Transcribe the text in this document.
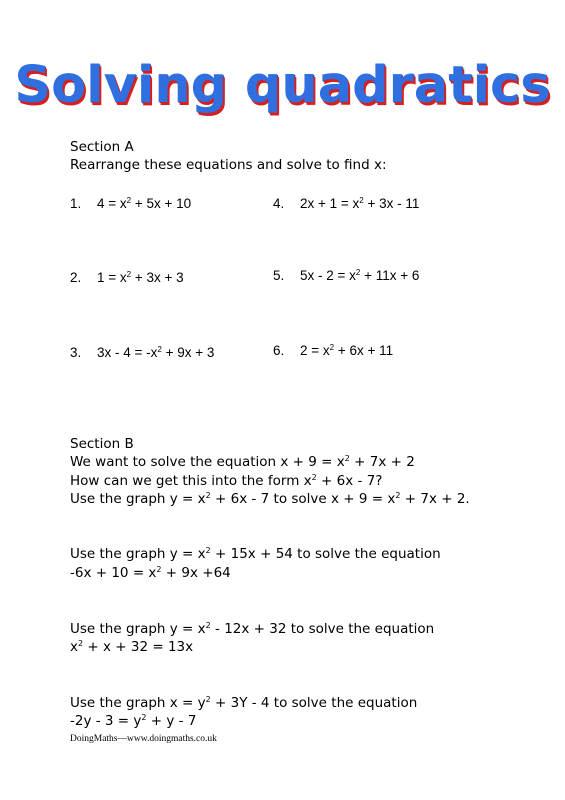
Solving quadratics
Section A
Rearrange these equations and solve to find x:
1. $4 = x^2 + 5x + 10$
2. $1 = x^2 + 3x + 3$
3. $3x - 4 = -x^2 + 9x + 3$
4. $2x + 1 = x^2 + 3x - 11$
5. $5x - 2 = x^2 + 11x + 6$
6. $2 = x^2 + 6x + 11$
Section B
We want to solve the equation $x + 9 = x^2 + 7x + 2$
How can we get this into the form $x^2 + 6x - 7$?
Use the graph $y = x^2 + 6x - 7$ to solve $x + 9 = x^2 + 7x + 2$.
Use the graph $y = x^2 + 15x + 54$ to solve the equation
$-6x + 10 = x^2 + 9x +64$
Use the graph $y = x^2 - 12x + 32$ to solve the equation
$x^2 + x + 32 = 13x$
Use the graph $x = y^2 + 3Y - 4$ to solve the equation
$-2y - 3 = y^2 + y - 7$
DoingMaths—www.doingmaths.co.uk
